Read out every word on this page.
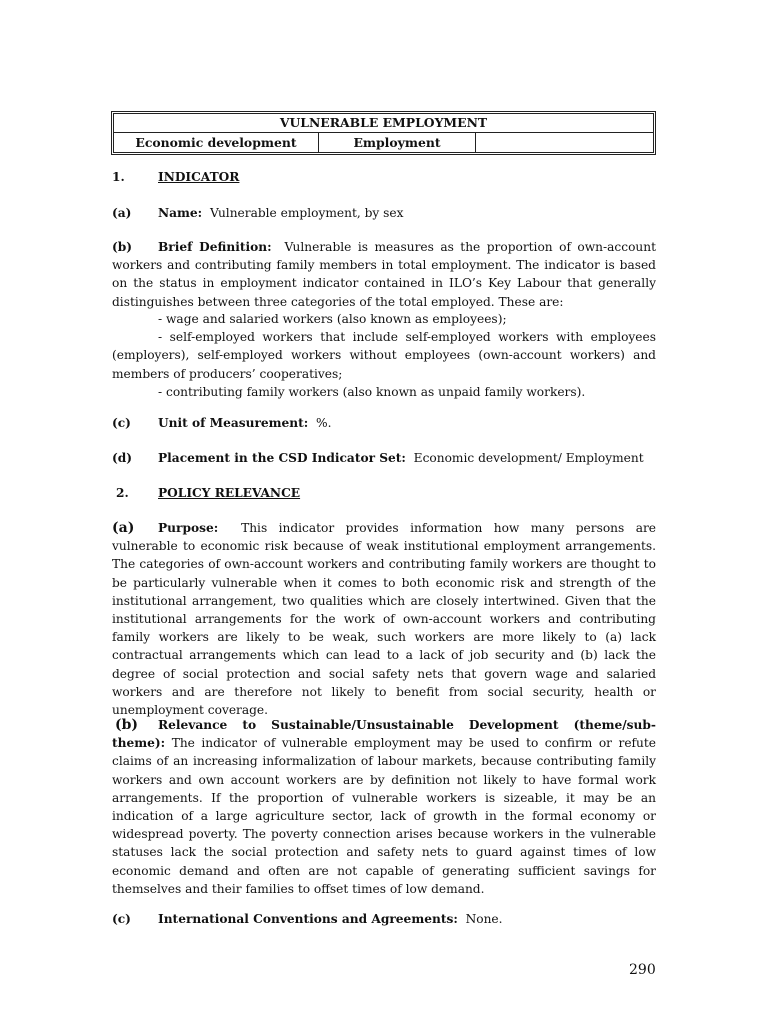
VULNERABLE EMPLOYMENT
Economic development	Employment
1.	INDICATOR
(a) Name: Vulnerable employment, by sex
(b) Brief Definition: Vulnerable is measures as the proportion of own-account workers and contributing family members in total employment. The indicator is based on the status in employment indicator contained in ILO’s Key Labour that generally distinguishes between three categories of the total employed. These are:
- wage and salaried workers (also known as employees);
- self-employed workers that include self-employed workers with employees (employers), self-employed workers without employees (own-account workers) and members of producers’ cooperatives;
- contributing family workers (also known as unpaid family workers).
(c) Unit of Measurement: %.
(d) Placement in the CSD Indicator Set: Economic development/ Employment
2. POLICY RELEVANCE
(a) Purpose: This indicator provides information how many persons are vulnerable to economic risk because of weak institutional employment arrangements. The categories of own-account workers and contributing family workers are thought to be particularly vulnerable when it comes to both economic risk and strength of the institutional arrangement, two qualities which are closely intertwined. Given that the institutional arrangements for the work of own-account workers and contributing family workers are likely to be weak, such workers are more likely to (a) lack contractual arrangements which can lead to a lack of job security and (b) lack the degree of social protection and social safety nets that govern wage and salaried workers and are therefore not likely to benefit from social security, health or unemployment coverage.
(b) Relevance to Sustainable/Unsustainable Development (theme/sub-theme): The indicator of vulnerable employment may be used to confirm or refute claims of an increasing informalization of labour markets, because contributing family workers and own account workers are by definition not likely to have formal work arrangements. If the proportion of vulnerable workers is sizeable, it may be an indication of a large agriculture sector, lack of growth in the formal economy or widespread poverty. The poverty connection arises because workers in the vulnerable statuses lack the social protection and safety nets to guard against times of low economic demand and often are not capable of generating sufficient savings for themselves and their families to offset times of low demand.
(c) International Conventions and Agreements: None.
290
